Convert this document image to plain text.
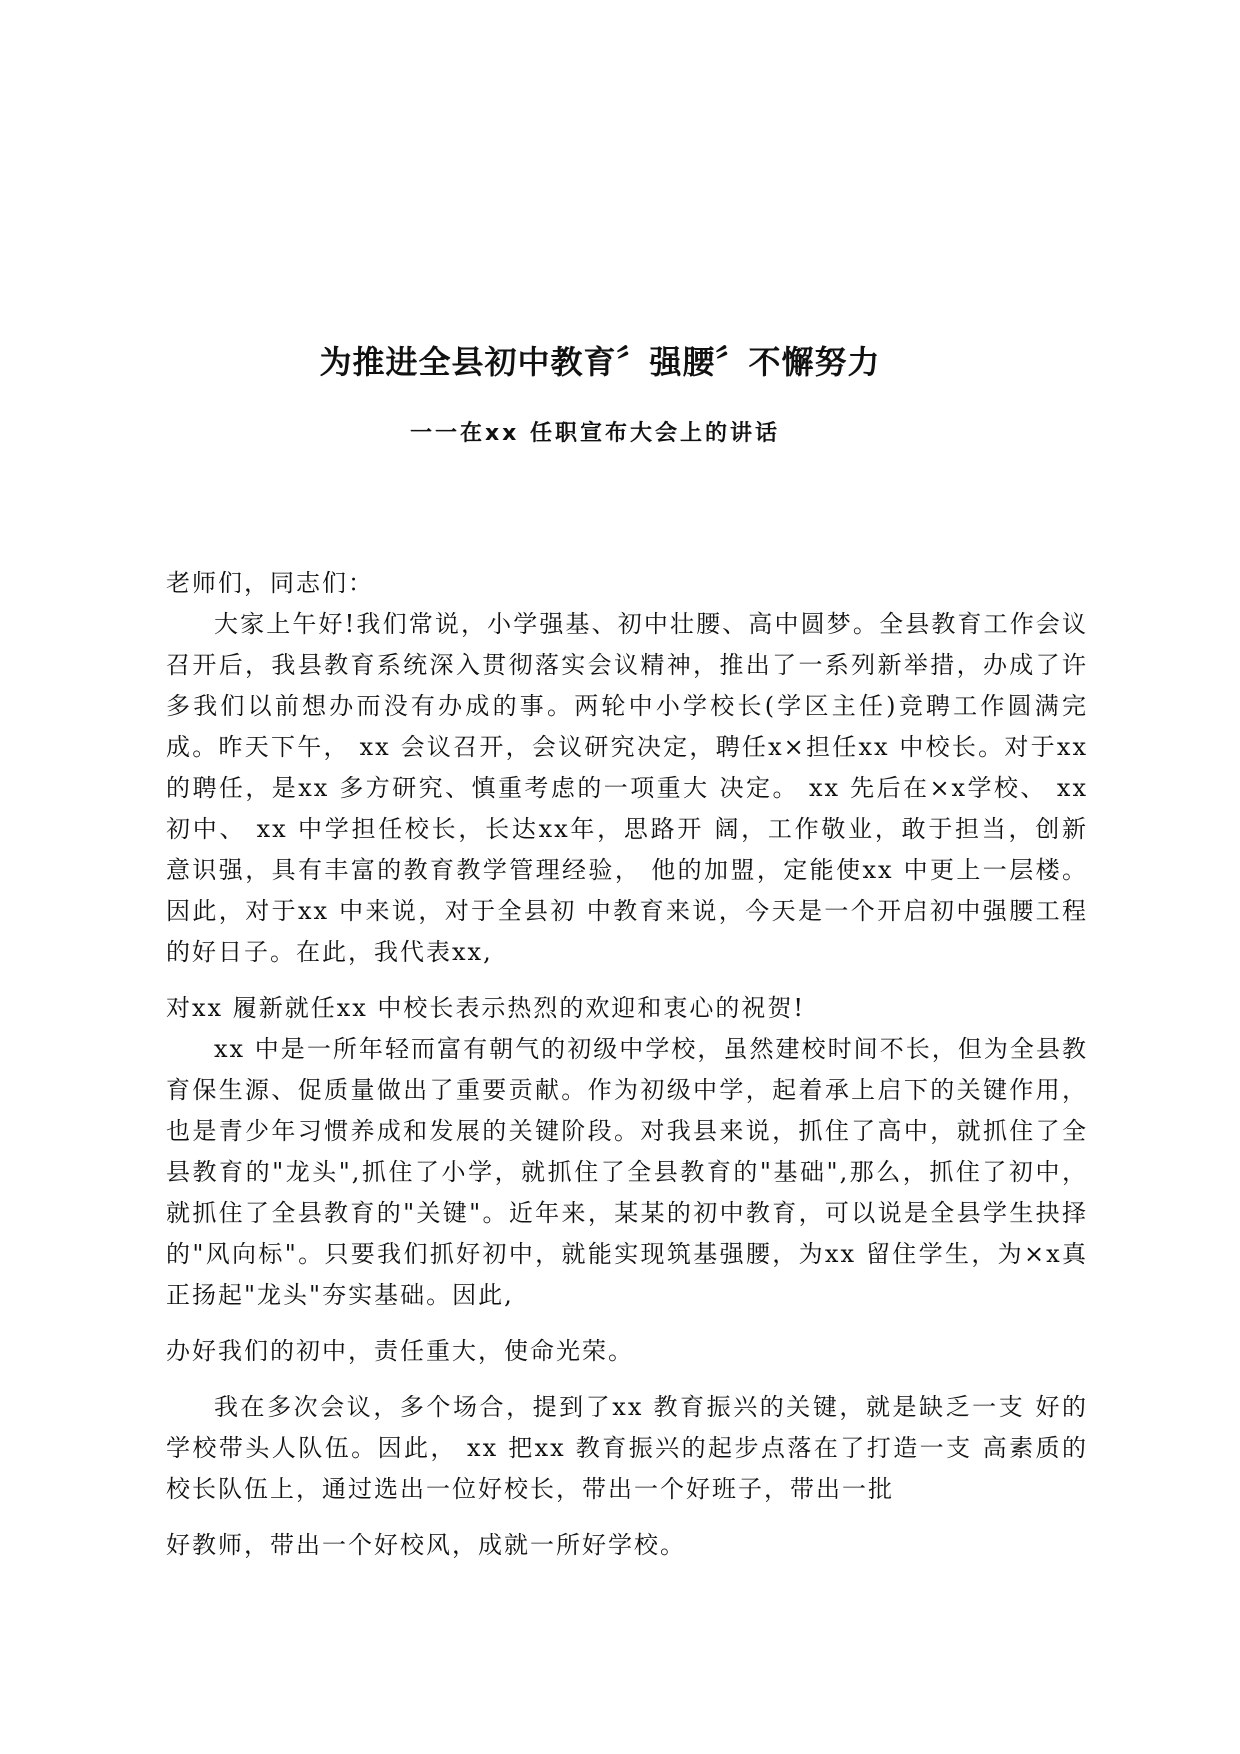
为推进全县初中教育〞强腰〞不懈努力
一一在xx 任职宣布大会上的讲话

老师们，同志们：

大家上午好!我们常说，小学强基、初中壮腰、高中圆梦。全县教育工作会议召开后，我县教育系统深入贯彻落实会议精神，推出了一系列新举措，办成了许多我们以前想办而没有办成的事。两轮中小学校长(学区主任)竞聘工作圆满完成。昨天下午， xx 会议召开，会议研究决定，聘任x×担任xx 中校长。对于xx 的聘任，是xx 多方研究、慎重考虑的一项重大 决定。 xx 先后在×x学校、 xx 初中、 xx 中学担任校长，长达xx年，思路开 阔，工作敬业，敢于担当，创新意识强，具有丰富的教育教学管理经验， 他的加盟，定能使xx 中更上一层楼。因此，对于xx 中来说，对于全县初 中教育来说，今天是一个开启初中强腰工程的好日子。在此，我代表xx,

对xx 履新就任xx 中校长表示热烈的欢迎和衷心的祝贺!

xx 中是一所年轻而富有朝气的初级中学校，虽然建校时间不长，但为全县教育保生源、促质量做出了重要贡献。作为初级中学，起着承上启下的关键作用，也是青少年习惯养成和发展的关键阶段。对我县来说，抓住了高中，就抓住了全县教育的"龙头",抓住了小学，就抓住了全县教育的"基础",那么，抓住了初中，就抓住了全县教育的"关键"。近年来，某某的初中教育，可以说是全县学生抉择的"风向标"。只要我们抓好初中，就能实现筑基强腰，为xx 留住学生，为×x真正扬起"龙头"夯实基础。因此,

办好我们的初中，责任重大，使命光荣。

我在多次会议，多个场合，提到了xx 教育振兴的关键，就是缺乏一支 好的学校带头人队伍。因此， xx 把xx 教育振兴的起步点落在了打造一支 高素质的校长队伍上，通过选出一位好校长，带出一个好班子，带出一批

好教师，带出一个好校风，成就一所好学校。
